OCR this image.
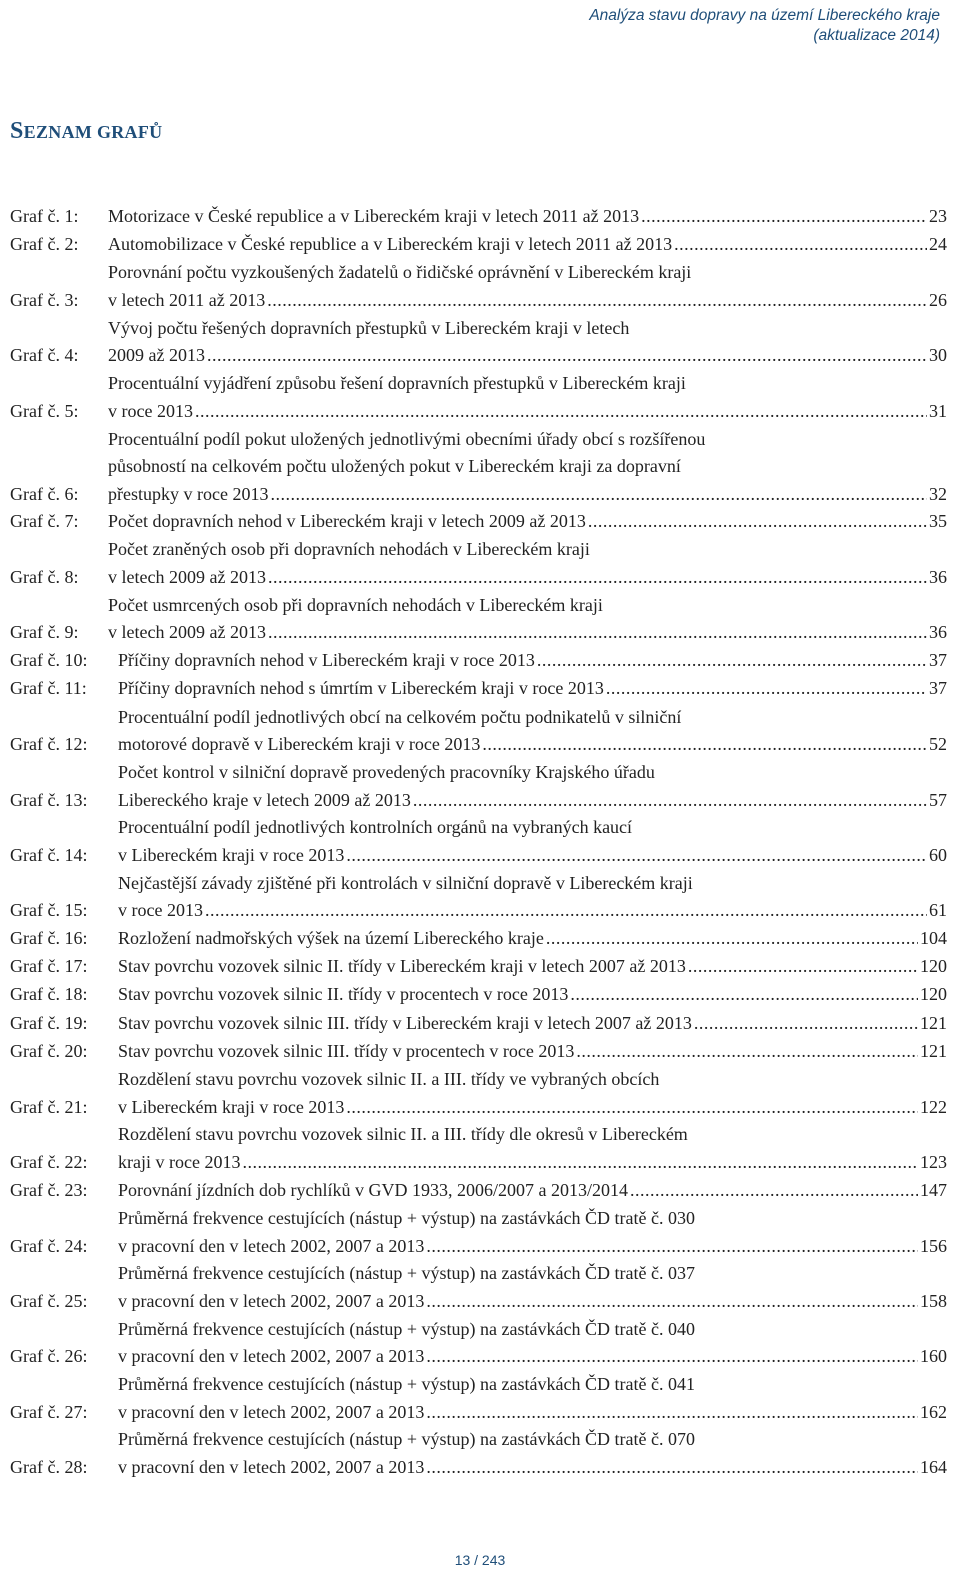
Analýza stavu dopravy na území Libereckého kraje
(aktualizace 2014)
SEZNAM GRAFŮ
Graf č. 1:	Motorizace v České republice a v Libereckém kraji v letech 2011 až 2013 .....	23
Graf č. 2:	Automobilizace v České republice a v Libereckém kraji v letech 2011 až 2013 .....	24
Graf č. 3:
Porovnání počtu vyzkoušených žadatelů o řidičské oprávnění v Libereckém kraji
v letech 2011 až 2013 .....	26
Graf č. 4:
Vývoj počtu řešených dopravních přestupků v Libereckém kraji v letech
2009 až 2013 .....	30
Graf č. 5:
Procentuální vyjádření způsobu řešení dopravních přestupků v Libereckém kraji
v roce 2013 .....	31
Graf č. 6:
Procentuální podíl pokut uložených jednotlivými obecními úřady obcí s rozšířenou
působností na celkovém počtu uložených pokut v Libereckém kraji za dopravní
přestupky v roce 2013 .....	32
Graf č. 7:	Počet dopravních nehod v Libereckém kraji v letech 2009 až 2013 .....	35
Graf č. 8:
Počet zraněných osob při dopravních nehodách v Libereckém kraji
v letech 2009 až 2013 .....	36
Graf č. 9:
Počet usmrcených osob při dopravních nehodách v Libereckém kraji
v letech 2009 až 2013 .....	36
Graf č. 10:	Příčiny dopravních nehod v Libereckém kraji v roce 2013 .....	37
Graf č. 11:	Příčiny dopravních nehod s úmrtím v Libereckém kraji v roce 2013 .....	37
Graf č. 12:
Procentuální podíl jednotlivých obcí na celkovém počtu podnikatelů v silniční
motorové dopravě v Libereckém kraji v roce 2013 .....	52
Graf č. 13:
Počet kontrol v silniční dopravě provedených pracovníky Krajského úřadu
Libereckého kraje v letech 2009 až 2013 .....	57
Graf č. 14:
Procentuální podíl jednotlivých kontrolních orgánů na vybraných kaucí
v Libereckém kraji v roce 2013 .....	60
Graf č. 15:
Nejčastější závady zjištěné při kontrolách v silniční dopravě v Libereckém kraji
v roce 2013 .....	61
Graf č. 16:	Rozložení nadmořských výšek na území Libereckého kraje .....	104
Graf č. 17:	Stav povrchu vozovek silnic II. třídy v Libereckém kraji v letech 2007 až 2013 .....	120
Graf č. 18:	Stav povrchu vozovek silnic II. třídy v procentech v roce 2013 .....	120
Graf č. 19:	Stav povrchu vozovek silnic III. třídy v Libereckém kraji v letech 2007 až 2013 .....	121
Graf č. 20:	Stav povrchu vozovek silnic III. třídy v procentech v roce 2013 .....	121
Graf č. 21:
Rozdělení stavu povrchu vozovek silnic II. a III. třídy ve vybraných obcích
v Libereckém kraji v roce 2013 .....	122
Graf č. 22:
Rozdělení stavu povrchu vozovek silnic II. a III. třídy dle okresů v Libereckém
kraji v roce 2013 .....	123
Graf č. 23:	Porovnání jízdních dob rychlíků v GVD 1933, 2006/2007 a 2013/2014 .....	147
Graf č. 24:
Průměrná frekvence cestujících (nástup + výstup) na zastávkách ČD tratě č. 030
v pracovní den v letech 2002, 2007 a 2013 .....	156
Graf č. 25:
Průměrná frekvence cestujících (nástup + výstup) na zastávkách ČD tratě č. 037
v pracovní den v letech 2002, 2007 a 2013 .....	158
Graf č. 26:
Průměrná frekvence cestujících (nástup + výstup) na zastávkách ČD tratě č. 040
v pracovní den v letech 2002, 2007 a 2013 .....	160
Graf č. 27:
Průměrná frekvence cestujících (nástup + výstup) na zastávkách ČD tratě č. 041
v pracovní den v letech 2002, 2007 a 2013 .....	162
Graf č. 28:
Průměrná frekvence cestujících (nástup + výstup) na zastávkách ČD tratě č. 070
v pracovní den v letech 2002, 2007 a 2013 .....	164
13 / 243
